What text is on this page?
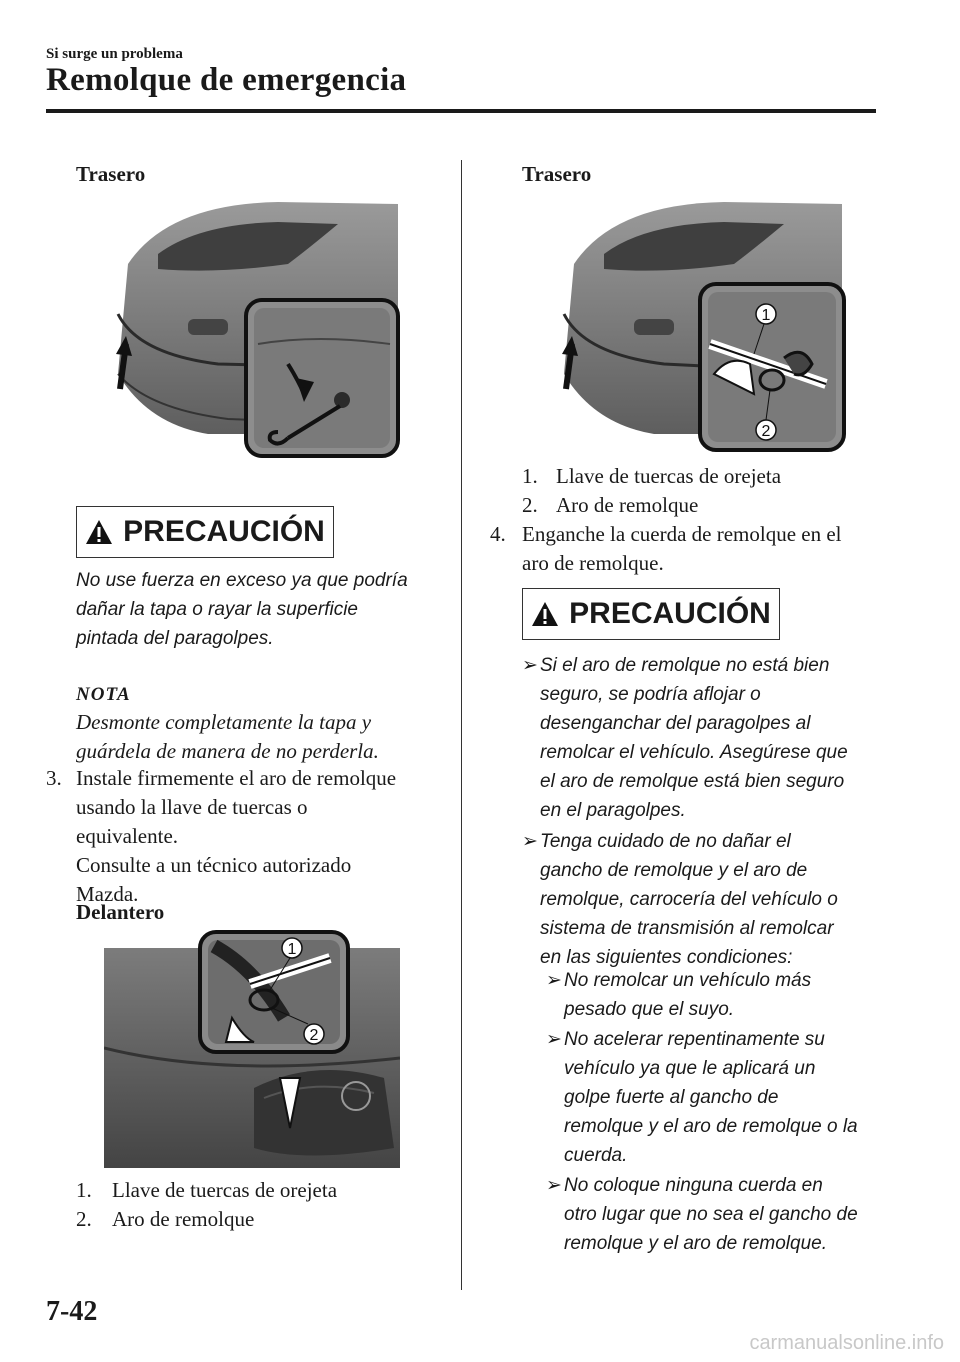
Si surge un problema
Remolque de emergencia
Trasero
PRECAUCIÓN
No use fuerza en exceso ya que podría
dañar la tapa o rayar la superficie
pintada del paragolpes.
NOTA
Desmonte completamente la tapa y
guárdela de manera de no perderla.
3. Instale firmemente el aro de remolque
usando la llave de tuercas o
equivalente.
Consulte a un técnico autorizado
Mazda.
Delantero
1
2
1. Llave de tuercas de orejeta
2. Aro de remolque
Trasero
1
2
1. Llave de tuercas de orejeta
2. Aro de remolque
4. Enganche la cuerda de remolque en el
aro de remolque.
PRECAUCIÓN
➢ Si el aro de remolque no está bien
seguro, se podría aflojar o
desenganchar del paragolpes al
remolcar el vehículo. Asegúrese que
el aro de remolque está bien seguro
en el paragolpes.
➢ Tenga cuidado de no dañar el
gancho de remolque y el aro de
remolque, carrocería del vehículo o
sistema de transmisión al remolcar
en las siguientes condiciones:
➢ No remolcar un vehículo más
pesado que el suyo.
➢ No acelerar repentinamente su
vehículo ya que le aplicará un
golpe fuerte al gancho de
remolque y el aro de remolque o la
cuerda.
➢ No coloque ninguna cuerda en
otro lugar que no sea el gancho de
remolque y el aro de remolque.
7-42
carmanualsonline.info
